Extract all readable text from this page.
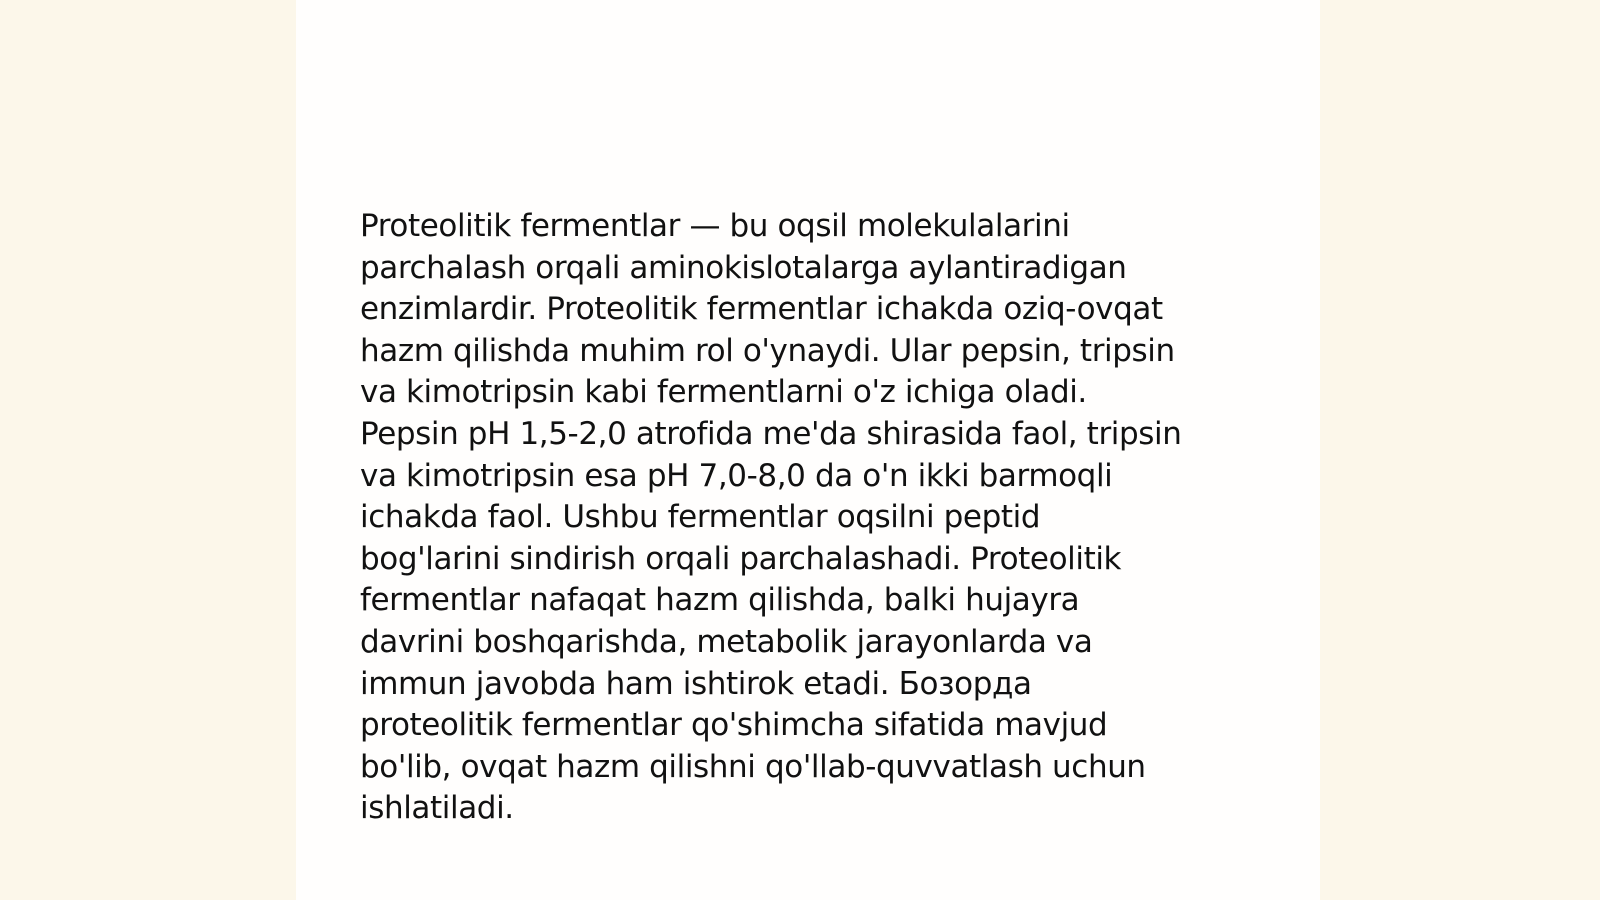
Proteolitik fermentlar — bu oqsil molekulalarini
parchalash orqali aminokislotalarga aylantiradigan
enzimlardir. Proteolitik fermentlar ichakda oziq-ovqat
hazm qilishda muhim rol o'ynaydi. Ular pepsin, tripsin
va kimotripsin kabi fermentlarni o'z ichiga oladi.
Pepsin pH 1,5-2,0 atrofida me'da shirasida faol, tripsin
va kimotripsin esa pH 7,0-8,0 da o'n ikki barmoqli
ichakda faol. Ushbu fermentlar oqsilni peptid
bog'larini sindirish orqali parchalashadi. Proteolitik
fermentlar nafaqat hazm qilishda, balki hujayra
davrini boshqarishda, metabolik jarayonlarda va
immun javobda ham ishtirok etadi. Бозорда
proteolitik fermentlar qo'shimcha sifatida mavjud
bo'lib, ovqat hazm qilishni qo'llab-quvvatlash uchun
ishlatiladi.
